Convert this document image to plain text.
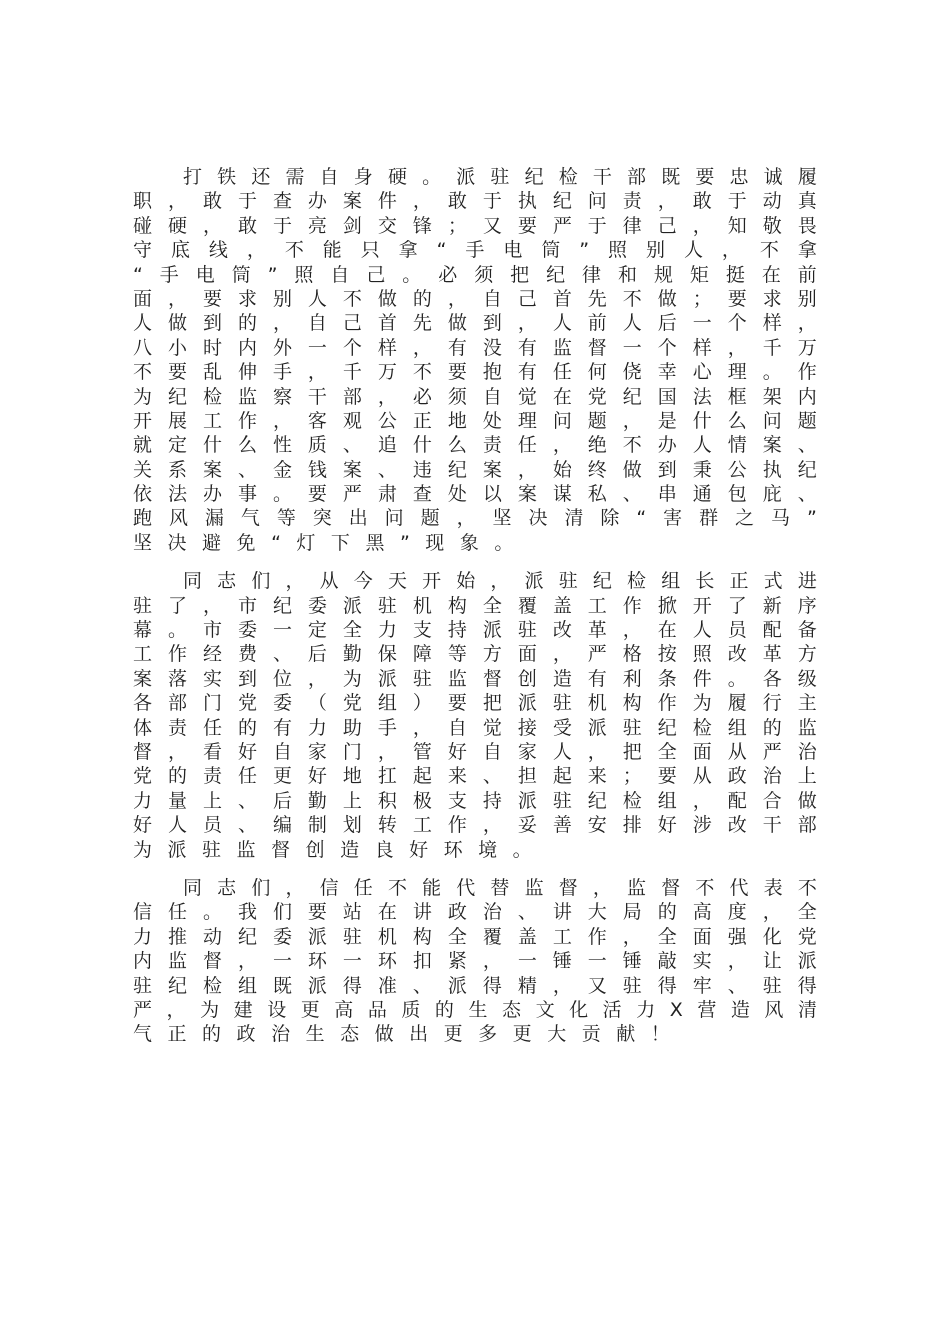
打 铁 还 需 自 身 硬 。 派 驻 纪 检 干 部 既 要 忠 诚 履
职 ， 敢 于 查 办 案 件 ， 敢 于 执 纪 问 责 ， 敢 于 动 真
碰 硬 ， 敢 于 亮 剑 交 锋 ； 又 要 严 于 律 己 ， 知 敬 畏
守 底 线 ， 不 能 只 拿 “ 手 电 筒 ” 照 别 人 ， 不 拿
“ 手 电 筒 ” 照 自 己 。 必 须 把 纪 律 和 规 矩 挺 在 前
面 ， 要 求 别 人 不 做 的 ， 自 己 首 先 不 做 ； 要 求 别
人 做 到 的 ， 自 己 首 先 做 到 ， 人 前 人 后 一 个 样 ，
八 小 时 内 外 一 个 样 ， 有 没 有 监 督 一 个 样 ， 千 万
不 要 乱 伸 手 ， 千 万 不 要 抱 有 任 何 侥 幸 心 理 。 作
为 纪 检 监 察 干 部 ， 必 须 自 觉 在 党 纪 国 法 框 架 内
开 展 工 作 ， 客 观 公 正 地 处 理 问 题 ， 是 什 么 问 题
就 定 什 么 性 质 、 追 什 么 责 任 ， 绝 不 办 人 情 案 、
关 系 案 、 金 钱 案 、 违 纪 案 ， 始 终 做 到 秉 公 执 纪
依 法 办 事 。 要 严 肃 查 处 以 案 谋 私 、 串 通 包 庇 、
跑 风 漏 气 等 突 出 问 题 ， 坚 决 清 除 “ 害 群 之 马 ”
坚 决 避 免 “ 灯 下 黑 ” 现 象 。
同 志 们 ， 从 今 天 开 始 ， 派 驻 纪 检 组 长 正 式 进
驻 了 ， 市 纪 委 派 驻 机 构 全 覆 盖 工 作 掀 开 了 新 序
幕 。 市 委 一 定 全 力 支 持 派 驻 改 革 ， 在 人 员 配 备
工 作 经 费 、 后 勤 保 障 等 方 面 ， 严 格 按 照 改 革 方
案 落 实 到 位 ， 为 派 驻 监 督 创 造 有 利 条 件 。 各 级
各 部 门 党 委 （ 党 组 ） 要 把 派 驻 机 构 作 为 履 行 主
体 责 任 的 有 力 助 手 ， 自 觉 接 受 派 驻 纪 检 组 的 监
督 ， 看 好 自 家 门 ， 管 好 自 家 人 ， 把 全 面 从 严 治
党 的 责 任 更 好 地 扛 起 来 、 担 起 来 ； 要 从 政 治 上
力 量 上 、 后 勤 上 积 极 支 持 派 驻 纪 检 组 ， 配 合 做
好 人 员 、 编 制 划 转 工 作 ， 妥 善 安 排 好 涉 改 干 部
为 派 驻 监 督 创 造 良 好 环 境 。
同 志 们 ， 信 任 不 能 代 替 监 督 ， 监 督 不 代 表 不
信 任 。 我 们 要 站 在 讲 政 治 、 讲 大 局 的 高 度 ， 全
力 推 动 纪 委 派 驻 机 构 全 覆 盖 工 作 ， 全 面 强 化 党
内 监 督 ， 一 环 一 环 扣 紧 ， 一 锤 一 锤 敲 实 ， 让 派
驻 纪 检 组 既 派 得 准 、 派 得 精 ， 又 驻 得 牢 、 驻 得
严 ， 为 建 设 更 高 品 质 的 生 态 文 化 活 力 X 营 造 风 清
气 正 的 政 治 生 态 做 出 更 多 更 大 贡 献 ！
